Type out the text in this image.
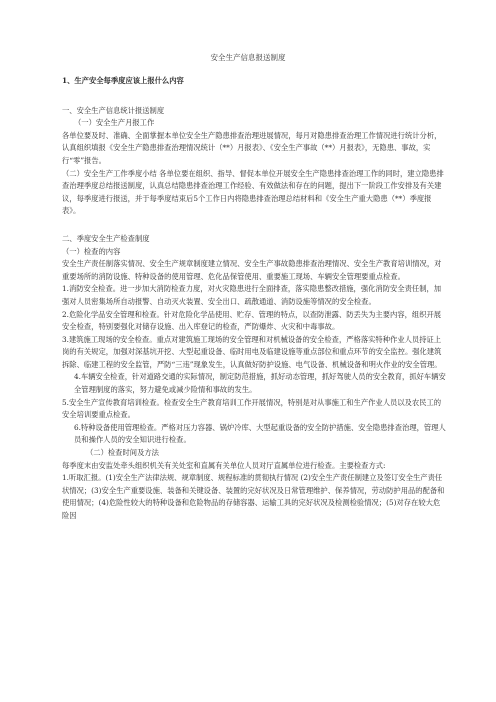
安全生产信息报送制度

1、生产安全每季度应该上报什么内容

一、安全生产信息统计报送制度

（一）安全生产月报工作

各单位要及时、准确、全面掌握本单位安全生产隐患排查治理进展情况，每月对隐患排查治理工作情况进行统计分析，认真组织填报《安全生产隐患排查治理情况统计（**）月报表》、《安全生产事故（**）月报表》，无隐患、事故，实行“零”报告。

（二）安全生产工作季度小结 各单位要在组织、指导、督促本单位开展安全生产隐患排查治理工作的同时，建立隐患排查治理季度总结报送制度，认真总结隐患排查治理工作经验、有效做法和存在的问题，提出下一阶段工作安排及有关建议，每季度进行报送，并于每季度结束后5个工作日内将隐患排查治理总结材料和《安全生产重大隐患（**）季度报表》。

二、季度安全生产检查制度

（一）检查的内容

安全生产责任制落实情况、安全生产规章制度建立情况、安全生产事故隐患排查治理情况、安全生产教育培训情况，对重要场所的消防设施、特种设备的使用管理、危化品保管使用、重要施工现场、车辆安全管理要重点检查。

1.消防安全检查。进一步加大消防检查力度，对火灾隐患进行全面排查，落实隐患整改措施，强化消防安全责任制，加强对人员密集场所自动报警、自动灭火装置、安全出口、疏散通道、消防设施等情况的安全检查。

2.危险化学品安全管理和检查。针对危险化学品使用、贮存、管理的特点，以查防泄露、防丢失为主要内容，组织开展安全检查，特别要强化对储存设施、出入库登记的检查，严防爆炸、火灾和中毒事故。

3.建筑施工现场的安全检查。重点对建筑施工现场的安全管理和对机械设备的安全检查，严格落实特种作业人员持证上岗的有关规定，加强对深基坑开挖、大型起重设备、临时用电及临建设施等重点部位和重点环节的安全监控。强化建筑拆除、临建工程的安全监管，严防“三违”现象发生，认真做好防护设施、电气设备、机械设备和明火作业的安全管理。

4.车辆安全检查，针对道路交通的实际情况，制定防范措施，抓好动态管理，抓好驾驶人员的安全教育，抓好车辆安全管理制度的落实，努力避免或减少险情和事故的发生。

5.安全生产宣传教育培训检查。检查安全生产教育培训工作开展情况，特别是对从事施工和生产作业人员以及农民工的安全培训要重点检查。

6.特种设备使用管理检查。严格对压力容器、锅炉冷库、大型起重设备的安全防护措施、安全隐患排查治理，管理人员和操作人员的安全知识进行检查。

（二）检查时间及方法

每季度末由安监处牵头组织机关有关处室和直属有关单位人员对厅直属单位进行检查。主要检查方式:

1.听取汇报。(1)安全生产法律法规、规章制度、规程标准的贯彻执行情况 (2)安全生产责任制建立及签订安全生产责任状情况；(3)安全生产重要设施、装备和关键设备、装置的完好状况及日常管理维护、保养情况，劳动防护用品的配备和使用情况；(4)危险性较大的特种设备和危险物品的存储容器、运输工具的完好状况及检测检验情况；(5)对存在较大危险因
